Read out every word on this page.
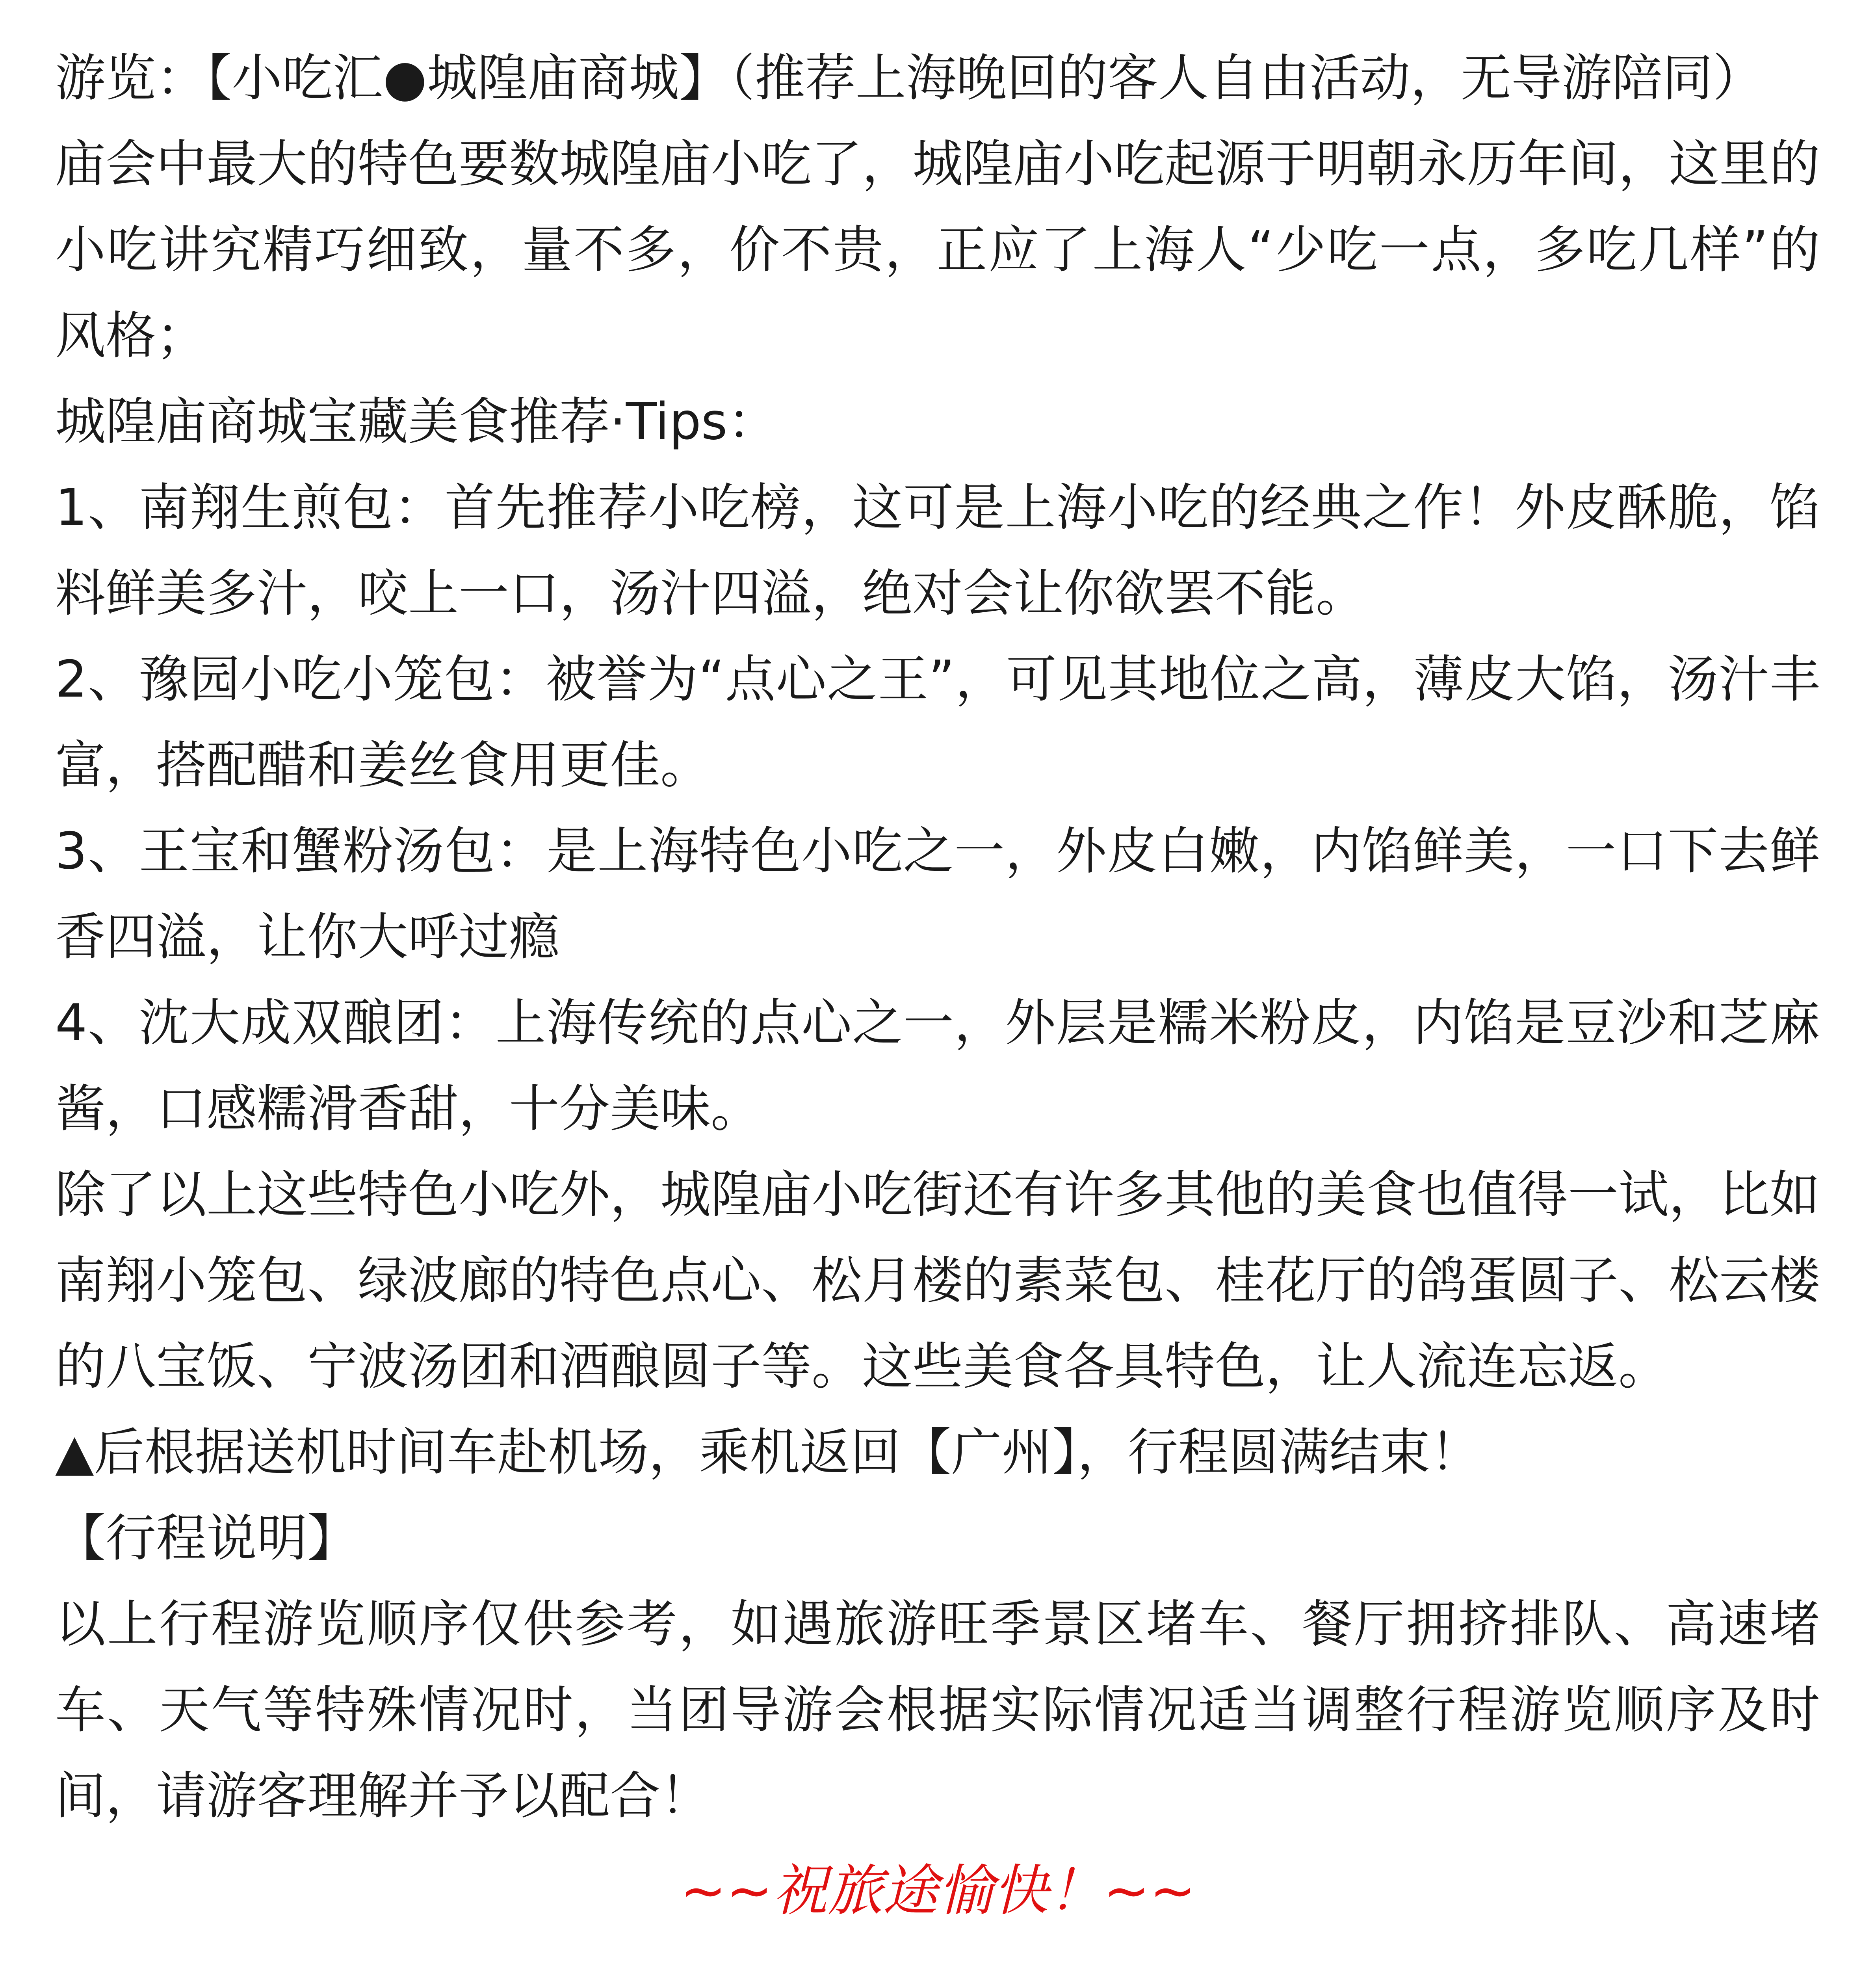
游览：【小吃汇●城隍庙商城】（推荐上海晚回的客人自由活动，无导游陪同）

庙会中最大的特色要数城隍庙小吃了，城隍庙小吃起源于明朝永历年间，这里的小吃讲究精巧细致，量不多，价不贵，正应了上海人“少吃一点，多吃几样”的风格；

城隍庙商城宝藏美食推荐·Tips：

1、南翔生煎包：首先推荐小吃榜，这可是上海小吃的经典之作！外皮酥脆，馅料鲜美多汁，咬上一口，汤汁四溢，绝对会让你欲罢不能。

2、豫园小吃小笼包：被誉为“点心之王”，可见其地位之高，薄皮大馅，汤汁丰富，搭配醋和姜丝食用更佳。

3、王宝和蟹粉汤包：是上海特色小吃之一，外皮白嫩，内馅鲜美，一口下去鲜香四溢，让你大呼过瘾

4、沈大成双酿团：上海传统的点心之一，外层是糯米粉皮，内馅是豆沙和芝麻酱，口感糯滑香甜，十分美味。

除了以上这些特色小吃外，城隍庙小吃街还有许多其他的美食也值得一试，比如南翔小笼包、绿波廊的特色点心、松月楼的素菜包、桂花厅的鸽蛋圆子、松云楼的八宝饭、宁波汤团和酒酿圆子等。这些美食各具特色，让人流连忘返。

▲后根据送机时间车赴机场，乘机返回【广州】，行程圆满结束！

【行程说明】

以上行程游览顺序仅供参考，如遇旅游旺季景区堵车、餐厅拥挤排队、高速堵车、天气等特殊情况时，当团导游会根据实际情况适当调整行程游览顺序及时间，请游客理解并予以配合！

~~祝旅途愉快！~~
